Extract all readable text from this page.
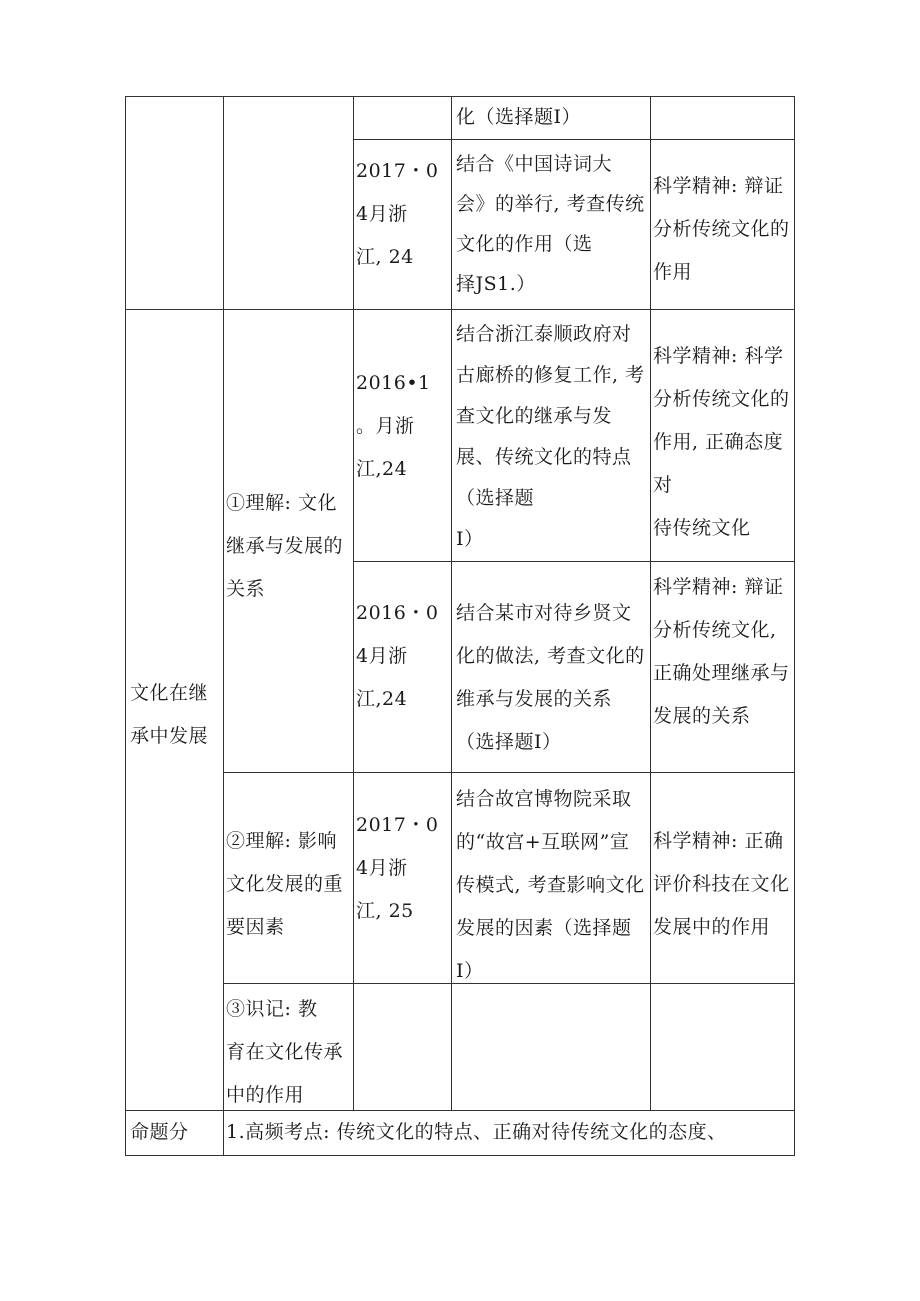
化（选择题I）
2017・0
4月浙
江, 24
结合《中国诗词大
会》的举行, 考查传统
文化的作用（选
择JS1.）
科学精神: 辩证
分析传统文化的
作用
文化在继
承中发展
①理解: 文化
继承与发展的
关系
2016•1
。月浙
江,24
结合浙江泰顺政府对
古廊桥的修复工作, 考
查文化的继承与发
展、传统文化的特点
（选择题
I）
科学精神: 科学
分析传统文化的
作用, 正确态度
对
待传统文化
2016・0
4月浙
江,24
结合某市对待乡贤文
化的做法, 考查文化的
维承与发展的关系
（选择题I）
科学精神: 辩证
分析传统文化,
正确处理继承与
发展的关系
②理解: 影响
文化发展的重
要因素
2017・0
4月浙
江, 25
结合故宫博物院采取
的“故宫+互联网”宣
传模式, 考查影响文化
发展的因素（选择题
I）
科学精神: 正确
评价科技在文化
发展中的作用
③识记: 教
育在文化传承
中的作用
命题分	1.高频考点: 传统文化的特点、正确对待传统文化的态度、
